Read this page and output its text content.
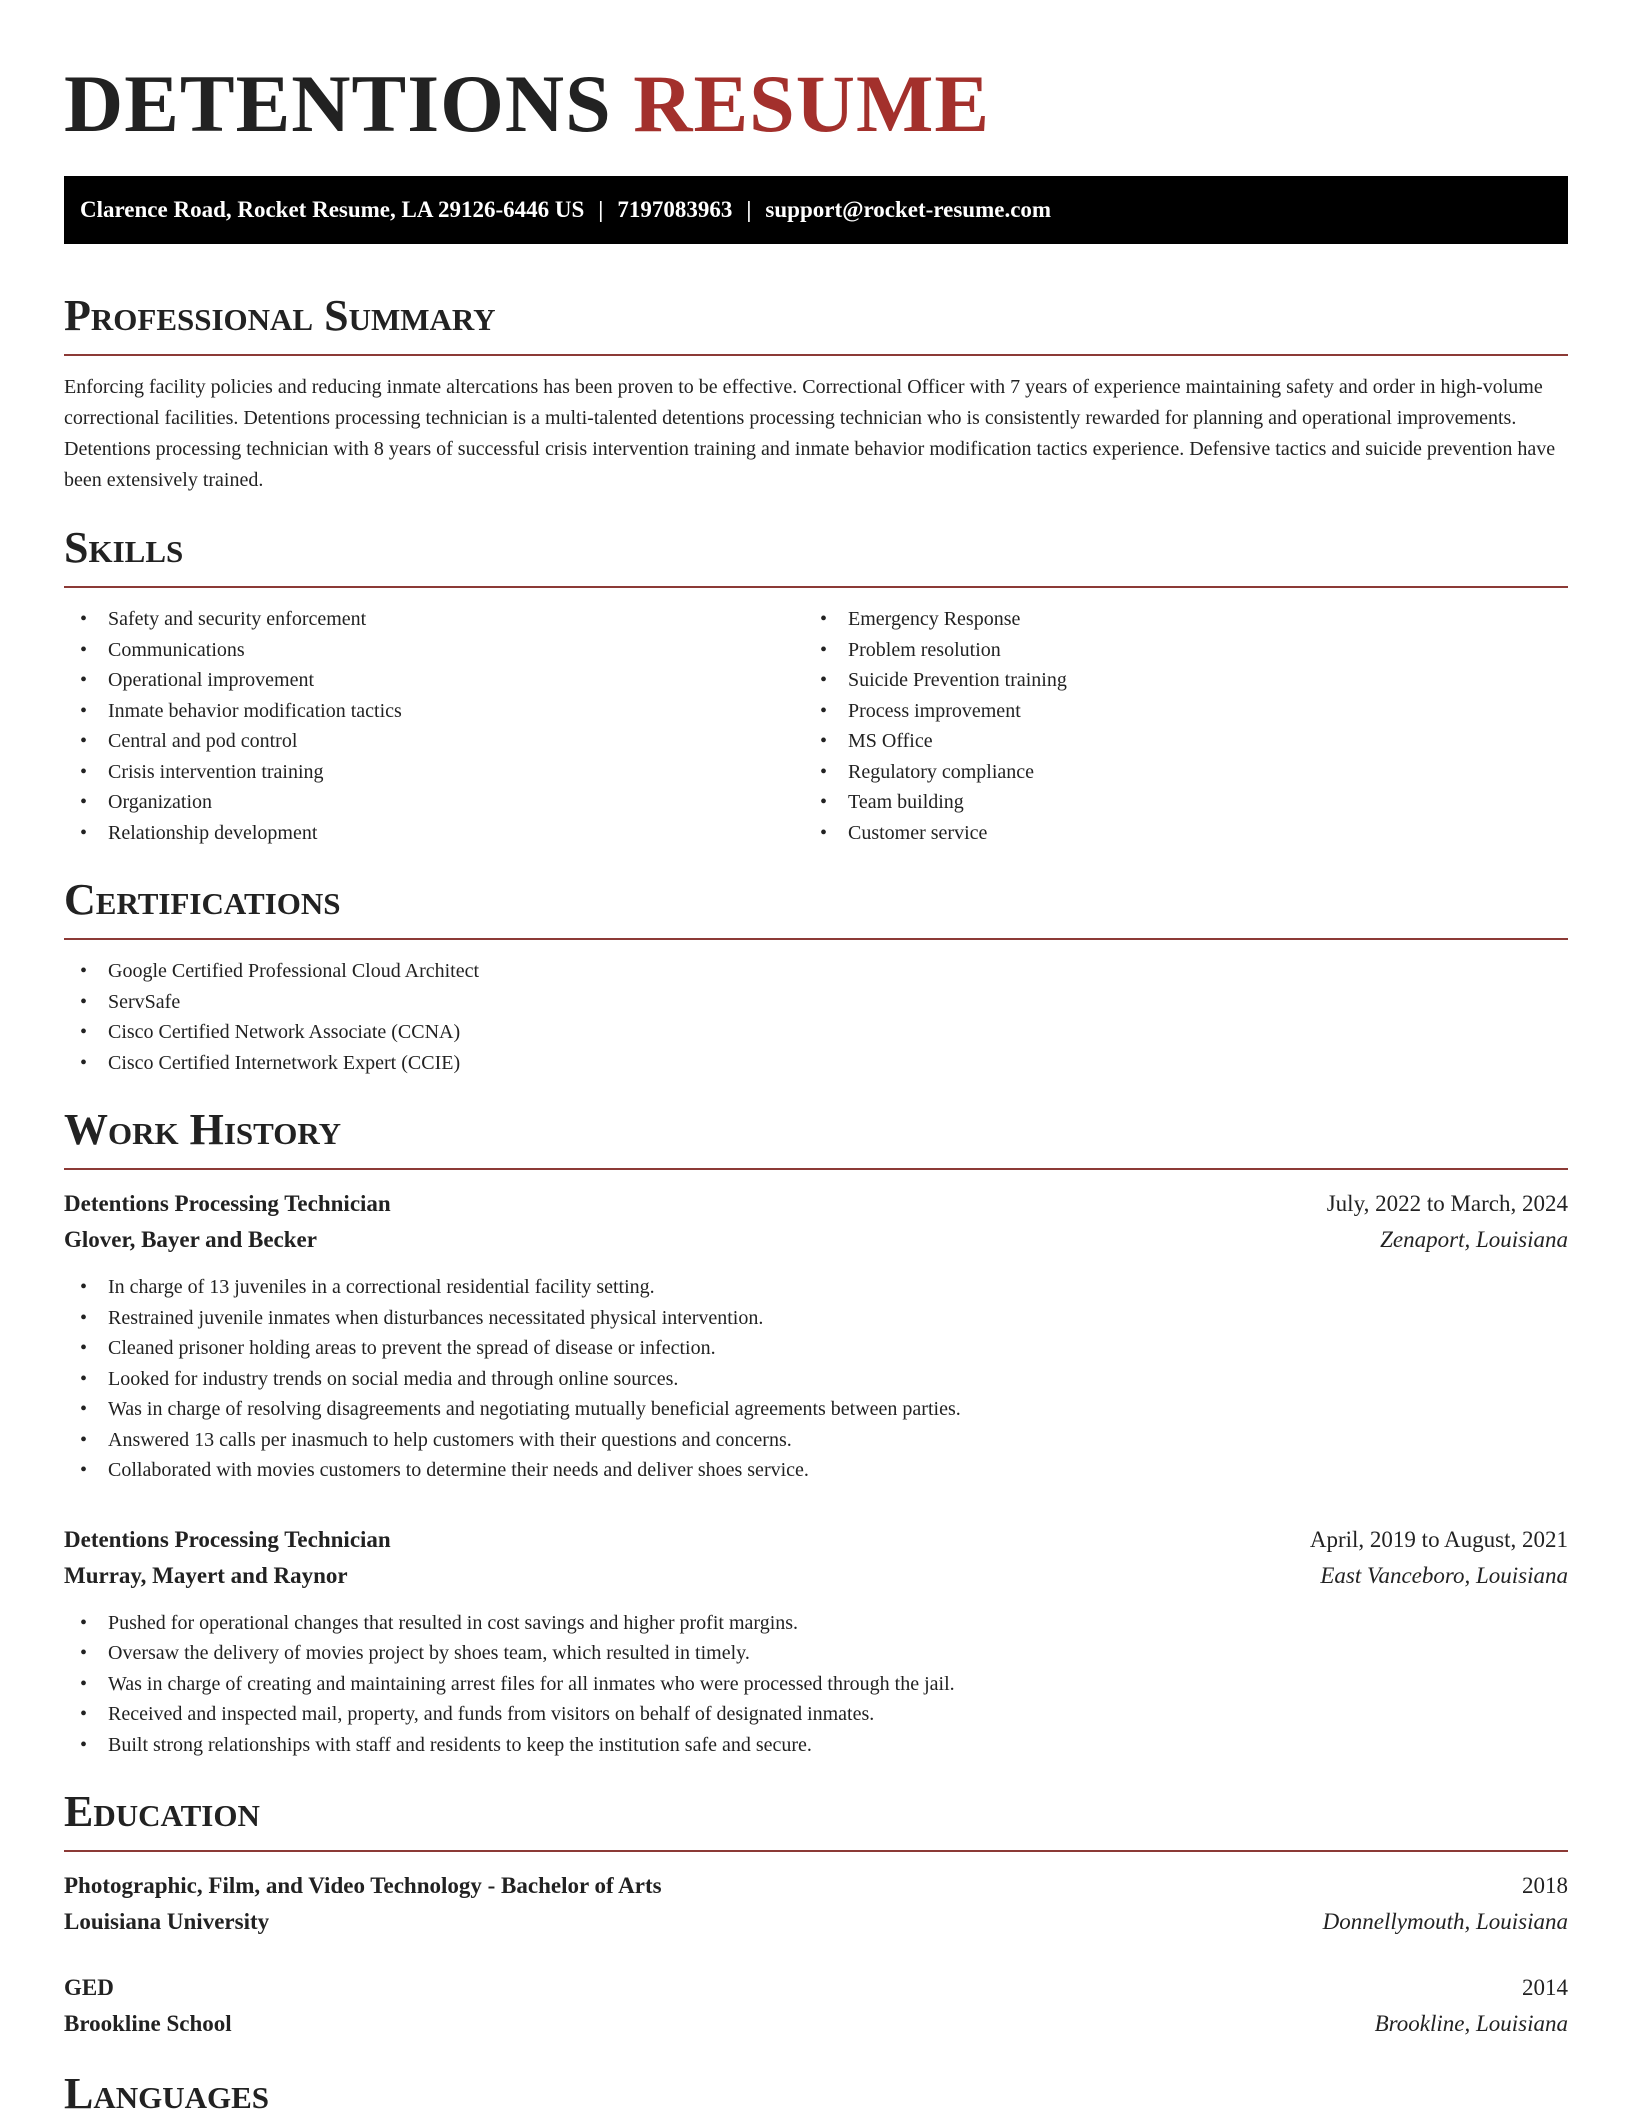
DETENTIONS RESUME
Clarence Road, Rocket Resume, LA 29126-6446 US | 7197083963 | support@rocket-resume.com
Professional Summary

Enforcing facility policies and reducing inmate altercations has been proven to be effective. Correctional Officer with 7 years of experience maintaining safety and order in high-volume correctional facilities. Detentions processing technician is a multi-talented detentions processing technician who is consistently rewarded for planning and operational improvements. Detentions processing technician with 8 years of successful crisis intervention training and inmate behavior modification tactics experience. Defensive tactics and suicide prevention have been extensively trained.

Skills
• Safety and security enforcement
• Communications
• Operational improvement
• Inmate behavior modification tactics
• Central and pod control
• Crisis intervention training
• Organization
• Relationship development
• Emergency Response
• Problem resolution
• Suicide Prevention training
• Process improvement
• MS Office
• Regulatory compliance
• Team building
• Customer service
Certifications
• Google Certified Professional Cloud Architect
• ServSafe
• Cisco Certified Network Associate (CCNA)
• Cisco Certified Internetwork Expert (CCIE)
Work History
Detentions Processing Technician	July, 2022 to March, 2024
Glover, Bayer and Becker	Zenaport, Louisiana
• In charge of 13 juveniles in a correctional residential facility setting.
• Restrained juvenile inmates when disturbances necessitated physical intervention.
• Cleaned prisoner holding areas to prevent the spread of disease or infection.
• Looked for industry trends on social media and through online sources.
• Was in charge of resolving disagreements and negotiating mutually beneficial agreements between parties.
• Answered 13 calls per inasmuch to help customers with their questions and concerns.
• Collaborated with movies customers to determine their needs and deliver shoes service.
Detentions Processing Technician	April, 2019 to August, 2021
Murray, Mayert and Raynor	East Vanceboro, Louisiana
• Pushed for operational changes that resulted in cost savings and higher profit margins.
• Oversaw the delivery of movies project by shoes team, which resulted in timely.
• Was in charge of creating and maintaining arrest files for all inmates who were processed through the jail.
• Received and inspected mail, property, and funds from visitors on behalf of designated inmates.
• Built strong relationships with staff and residents to keep the institution safe and secure.
Education
Photographic, Film, and Video Technology - Bachelor of Arts	2018
Louisiana University	Donnellymouth, Louisiana
GED	2014
Brookline School	Brookline, Louisiana
Languages
